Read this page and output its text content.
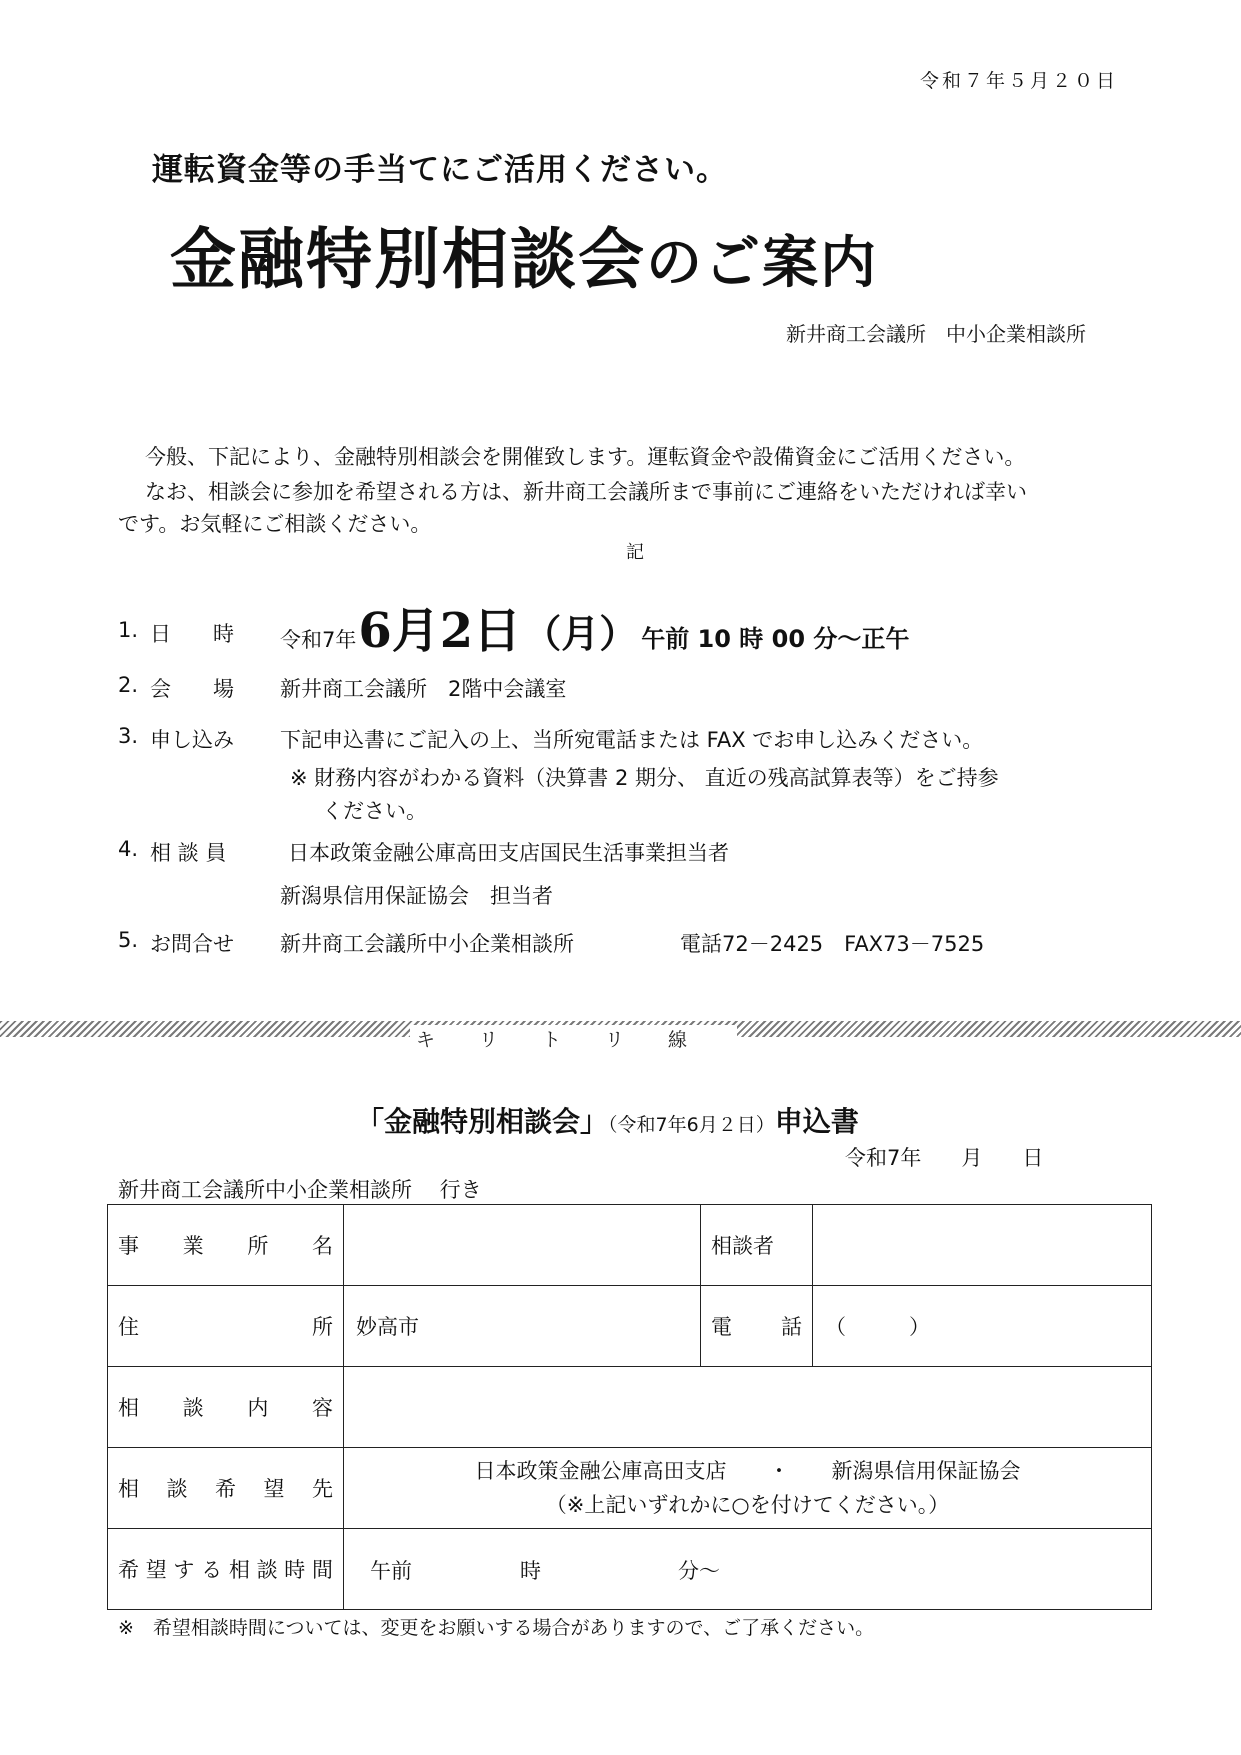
令和７年５月２０日
運転資金等の手当てにご活用ください。
金融特別相談会のご案内
新井商工会議所　中小企業相談所
今般、下記により、金融特別相談会を開催致します。運転資金や設備資金にご活用ください。
なお、相談会に参加を希望される方は、新井商工会議所まで事前にご連絡をいただければ幸い
です。お気軽にご相談ください。
記
1. 日　　時 令和7年 6月2日 （月） 午前 10 時 00 分～正午
2. 会　　場 新井商工会議所　2階中会議室
3. 申し込み 下記申込書にご記入の上、当所宛電話または FAX でお申し込みください。
※ 財務内容がわかる資料（決算書 2 期分、 直近の残高試算表等）をご持参
ください。
4. 相 談 員	日本政策金融公庫高田支店国民生活事業担当者
新潟県信用保証協会　担当者
5. お問合せ 新井商工会議所中小企業相談所	電話72－2425　FAX73－7525
キリトリ線
「金融特別相談会」（令和7年6月２日）申込書
令和7年 月 日
新井商工会議所中小企業相談所　 行き
事業所名		相談者	
住所	妙高市	電話	（　　　）
相談内容			
相談希望先	日本政策金融公庫高田支店　　・　　新潟県信用保証協会
（※上記いずれかに○を付けてください。）		

希望する相談時間	午前 時 分～		
※　希望相談時間については、変更をお願いする場合がありますので、ご了承ください。
